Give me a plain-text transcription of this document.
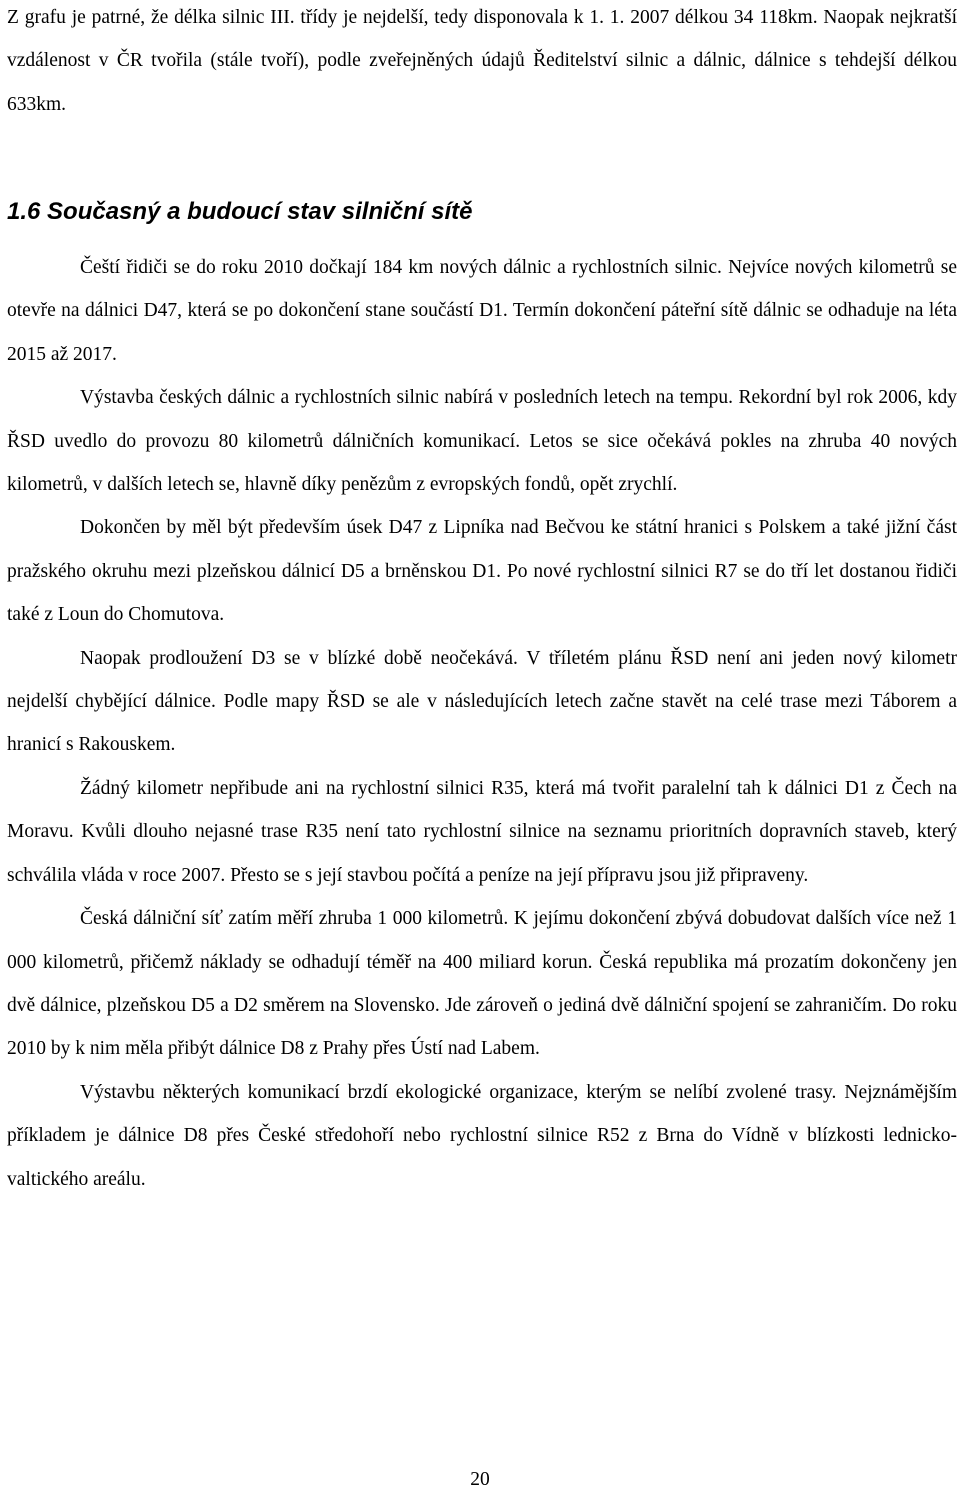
Z grafu je patrné, že délka silnic III. třídy je nejdelší, tedy disponovala k 1. 1. 2007 délkou 34 118km. Naopak nejkratší vzdálenost v ČR tvořila (stále tvoří), podle zveřejněných údajů Ředitelství silnic a dálnic, dálnice s tehdejší délkou 633km.

1.6 Současný a budoucí stav silniční sítě

Čeští řidiči se do roku 2010 dočkají 184 km nových dálnic a rychlostních silnic. Nejvíce nových kilometrů se otevře na dálnici D47, která se po dokončení stane součástí D1. Termín dokončení páteřní sítě dálnic se odhaduje na léta 2015 až 2017.

Výstavba českých dálnic a rychlostních silnic nabírá v posledních letech na tempu. Rekordní byl rok 2006, kdy ŘSD uvedlo do provozu 80 kilometrů dálničních komunikací. Letos se sice očekává pokles na zhruba 40 nových kilometrů, v dalších letech se, hlavně díky penězům z evropských fondů, opět zrychlí.

Dokončen by měl být především úsek D47 z Lipníka nad Bečvou ke státní hranici s Polskem a také jižní část pražského okruhu mezi plzeňskou dálnicí D5 a brněnskou D1. Po nové rychlostní silnici R7 se do tří let dostanou řidiči také z Loun do Chomutova.

Naopak prodloužení D3 se v blízké době neočekává. V tříletém plánu ŘSD není ani jeden nový kilometr nejdelší chybějící dálnice. Podle mapy ŘSD se ale v následujících letech začne stavět na celé trase mezi Táborem a hranicí s Rakouskem.

Žádný kilometr nepřibude ani na rychlostní silnici R35, která má tvořit paralelní tah k dálnici D1 z Čech na Moravu. Kvůli dlouho nejasné trase R35 není tato rychlostní silnice na seznamu prioritních dopravních staveb, který schválila vláda v roce 2007. Přesto se s její stavbou počítá a peníze na její přípravu jsou již připraveny.

Česká dálniční síť zatím měří zhruba 1 000 kilometrů. K jejímu dokončení zbývá dobudovat dalších více než 1 000 kilometrů, přičemž náklady se odhadují téměř na 400 miliard korun. Česká republika má prozatím dokončeny jen dvě dálnice, plzeňskou D5 a D2 směrem na Slovensko. Jde zároveň o jediná dvě dálniční spojení se zahraničím. Do roku 2010 by k nim měla přibýt dálnice D8 z Prahy přes Ústí nad Labem.

Výstavbu některých komunikací brzdí ekologické organizace, kterým se nelíbí zvolené trasy. Nejznámějším příkladem je dálnice D8 přes České středohoří nebo rychlostní silnice R52 z Brna do Vídně v blízkosti lednicko-valtického areálu.

20
